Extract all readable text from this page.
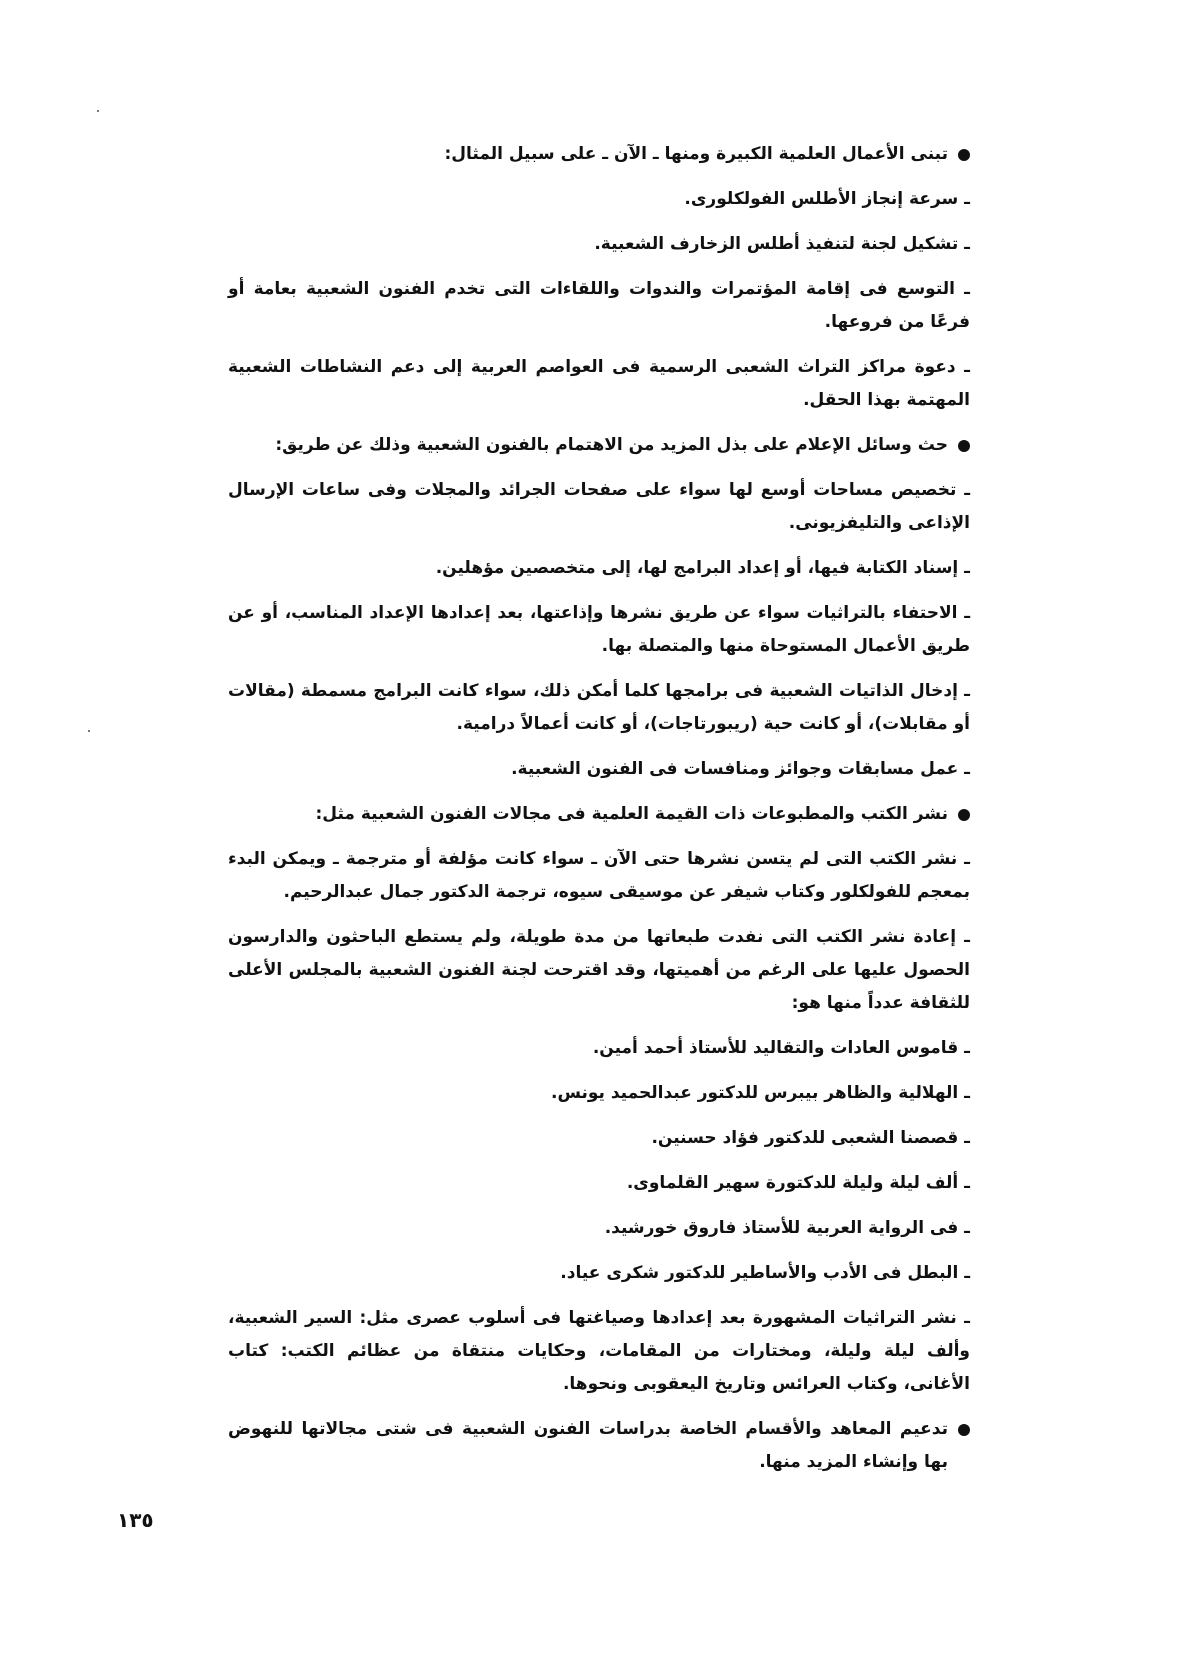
تبنى الأعمال العلمية الكبيرة ومنها ـ الآن ـ على سبيل المثال:
ـ سرعة إنجاز الأطلس الفولكلورى.
ـ تشكيل لجنة لتنفيذ أطلس الزخارف الشعبية.
ـ التوسع فى إقامة المؤتمرات والندوات واللقاءات التى تخدم الفنون الشعبية بعامة أو فرعًا من فروعها.
ـ دعوة مراكز التراث الشعبى الرسمية فى العواصم العربية إلى دعم النشاطات الشعبية المهتمة بهذا الحقل.
حث وسائل الإعلام على بذل المزيد من الاهتمام بالفنون الشعبية وذلك عن طريق:
ـ تخصيص مساحات أوسع لها سواء على صفحات الجرائد والمجلات وفى ساعات الإرسال الإذاعى والتليفزيونى.
ـ إسناد الكتابة فيها، أو إعداد البرامج لها، إلى متخصصين مؤهلين.
ـ الاحتفاء بالتراثيات سواء عن طريق نشرها وإذاعتها، بعد إعدادها الإعداد المناسب، أو عن طريق الأعمال المستوحاة منها والمتصلة بها.
ـ إدخال الذاتيات الشعبية فى برامجها كلما أمكن ذلك، سواء كانت البرامج مسمطة (مقالات أو مقابلات)، أو كانت حية (ريبورتاجات)، أو كانت أعمالاً درامية.
ـ عمل مسابقات وجوائز ومنافسات فى الفنون الشعبية.
نشر الكتب والمطبوعات ذات القيمة العلمية فى مجالات الفنون الشعبية مثل:
ـ نشر الكتب التى لم يتسن نشرها حتى الآن ـ سواء كانت مؤلفة أو مترجمة ـ ويمكن البدء بمعجم للفولكلور وكتاب شيفر عن موسيقى سيوه، ترجمة الدكتور جمال عبدالرحيم.
ـ إعادة نشر الكتب التى نفدت طبعاتها من مدة طويلة، ولم يستطع الباحثون والدارسون الحصول عليها على الرغم من أهميتها، وقد اقترحت لجنة الفنون الشعبية بالمجلس الأعلى للثقافة عدداً منها هو:
ـ قاموس العادات والتقاليد للأستاذ أحمد أمين.
ـ الهلالية والظاهر بيبرس للدكتور عبدالحميد يونس.
ـ قصصنا الشعبى للدكتور فؤاد حسنين.
ـ ألف ليلة وليلة للدكتورة سهير القلماوى.
ـ فى الرواية العربية للأستاذ فاروق خورشيد.
ـ البطل فى الأدب والأساطير للدكتور شكرى عياد.
ـ نشر التراثيات المشهورة بعد إعدادها وصياغتها فى أسلوب عصرى مثل: السير الشعبية، وألف ليلة وليلة، ومختارات من المقامات، وحكايات منتقاة من عظائم الكتب: كتاب الأغانى، وكتاب العرائس وتاريخ اليعقوبى ونحوها.
تدعيم المعاهد والأقسام الخاصة بدراسات الفنون الشعبية فى شتى مجالاتها للنهوض بها وإنشاء المزيد منها.
١٣٥
